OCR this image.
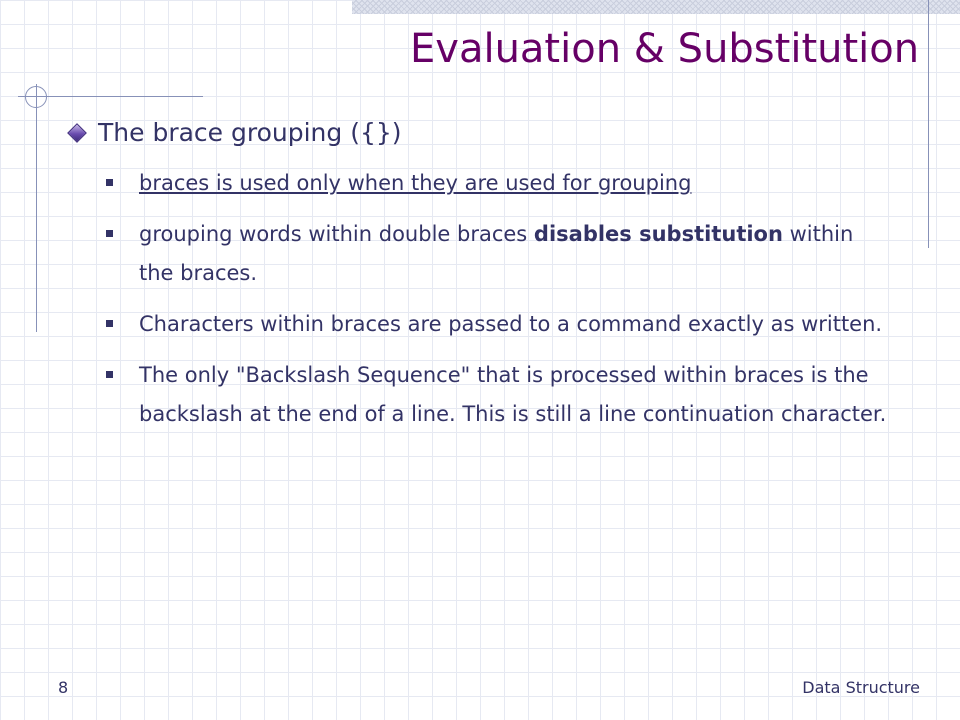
Evaluation & Substitution
The brace grouping ({})
braces is used only when they are used for grouping
grouping words within double braces disables substitution within the braces.
Characters within braces are passed to a command exactly as written.
The only "Backslash Sequence" that is processed within braces is the backslash at the end of a line. This is still a line continuation character.
8	Data Structure
